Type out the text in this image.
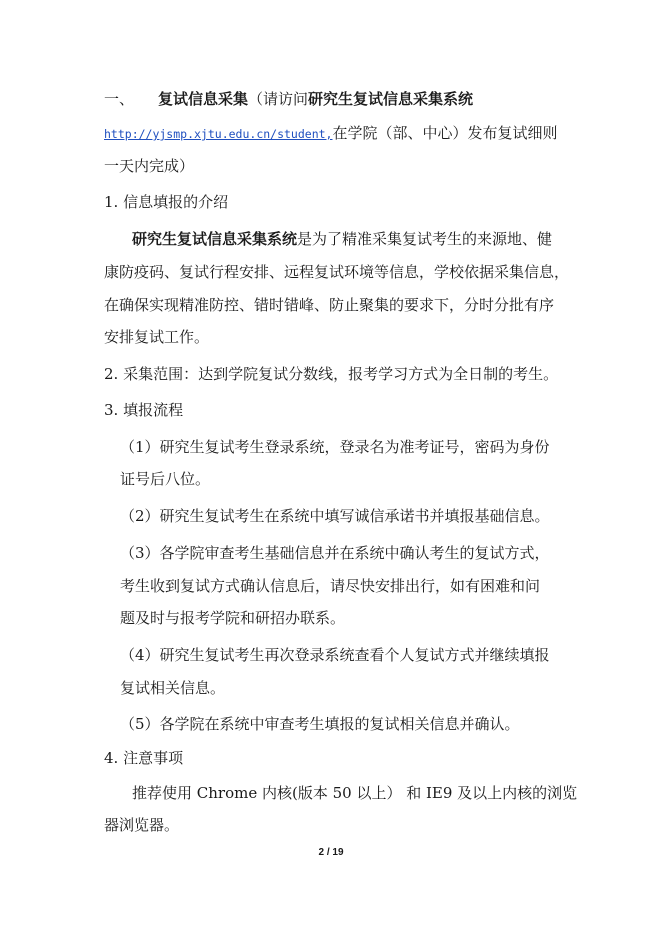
一、 复试信息采集（请访问研究生复试信息采集系统
http://yjsmp.xjtu.edu.cn/student,在学院（部、中心）发布复试细则
一天内完成）
1. 信息填报的介绍
研究生复试信息采集系统是为了精准采集复试考生的来源地、健
康防疫码、复试行程安排、远程复试环境等信息，学校依据采集信息，
在确保实现精准防控、错时错峰、防止聚集的要求下，分时分批有序
安排复试工作。
2. 采集范围：达到学院复试分数线，报考学习方式为全日制的考生。
3. 填报流程
（1）研究生复试考生登录系统，登录名为准考证号，密码为身份
证号后八位。
（2）研究生复试考生在系统中填写诚信承诺书并填报基础信息。
（3）各学院审查考生基础信息并在系统中确认考生的复试方式，
考生收到复试方式确认信息后，请尽快安排出行，如有困难和问
题及时与报考学院和研招办联系。
（4）研究生复试考生再次登录系统查看个人复试方式并继续填报
复试相关信息。
（5）各学院在系统中审查考生填报的复试相关信息并确认。
4. 注意事项
推荐使用 Chrome 内核(版本 50 以上） 和 IE9 及以上内核的浏览
器浏览器。
2 / 19
